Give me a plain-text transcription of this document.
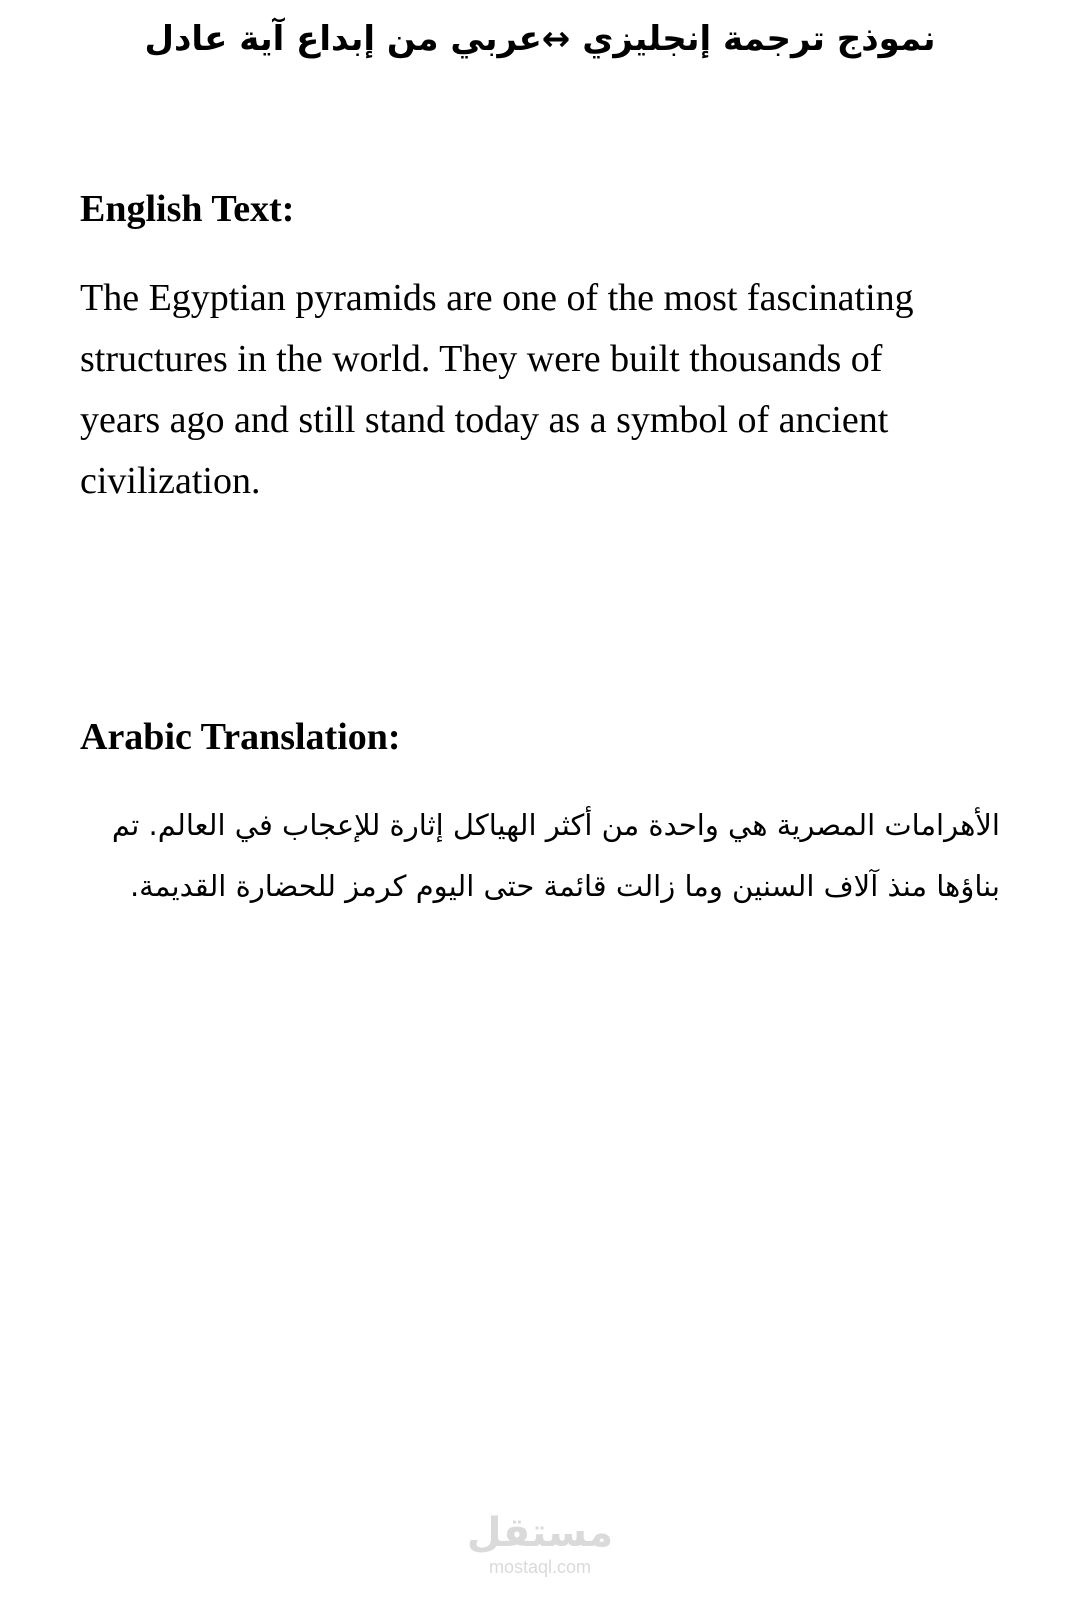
نموذج ترجمة إنجليزي ↔عربي من إبداع آية عادل
English Text:

The Egyptian pyramids are one of the most fascinating structures in the world. They were built thousands of years ago and still stand today as a symbol of ancient civilization.

Arabic Translation:

الأهرامات المصرية هي واحدة من أكثر الهياكل إثارة للإعجاب في العالم. تم بناؤها منذ آلاف السنين وما زالت قائمة حتى اليوم كرمز للحضارة القديمة.

مستقل
mostaql.com
